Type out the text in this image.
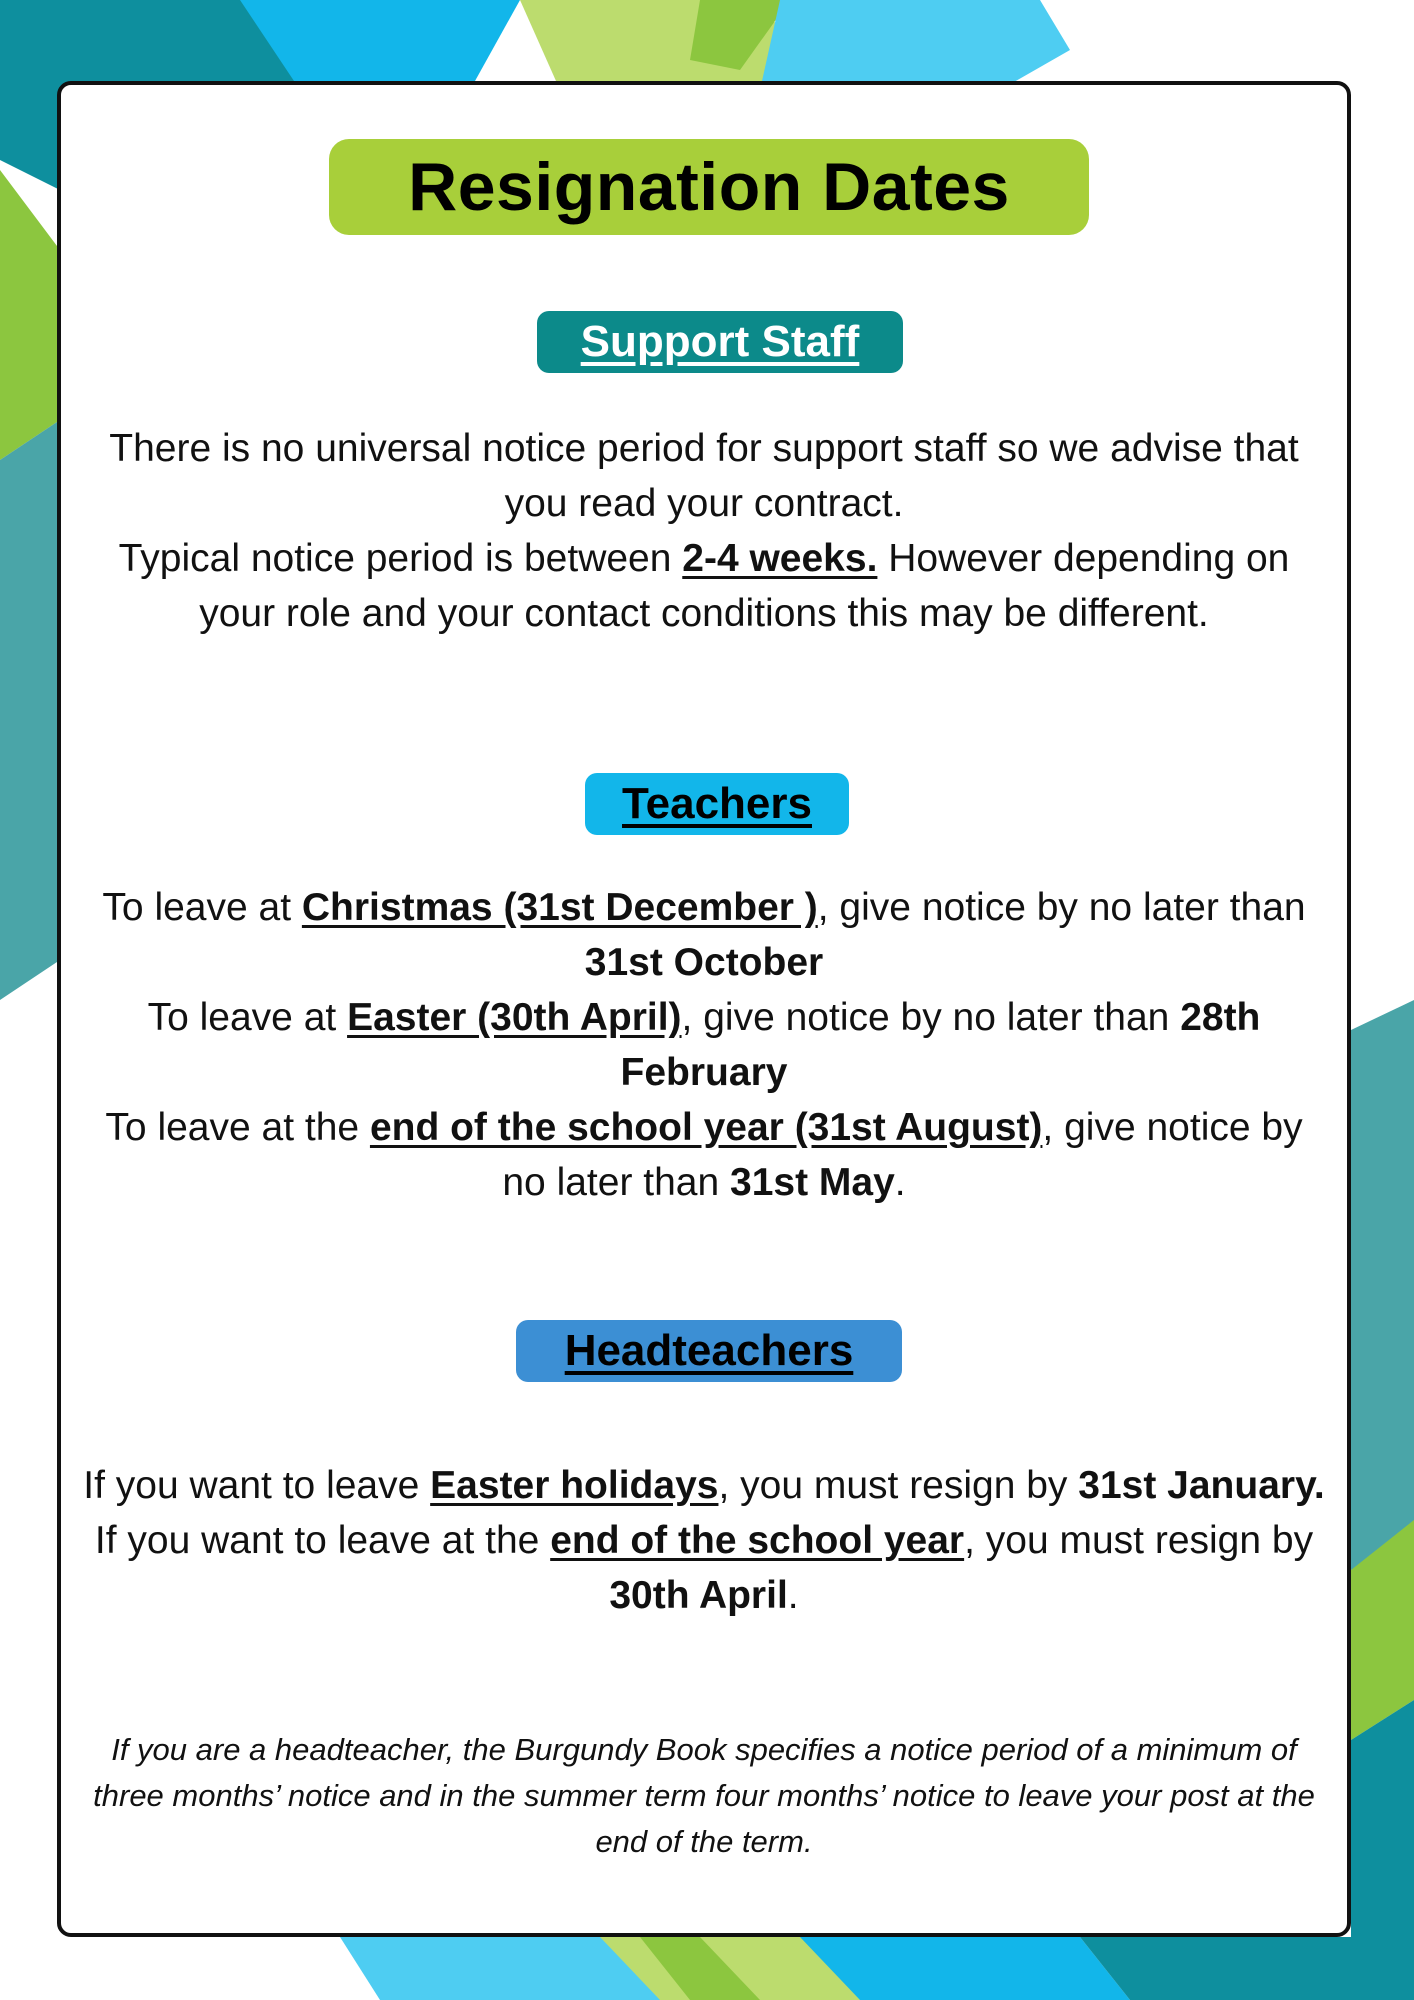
Resignation Dates
Support Staff

There is no universal notice period for support staff so we advise that you read your contract.

Typical notice period is between 2-4 weeks. However depending on your role and your contact conditions this may be different.

Teachers

To leave at Christmas (31st December ), give notice by no later than 31st October

To leave at Easter (30th April), give notice by no later than 28th February

To leave at the end of the school year (31st August), give notice by no later than 31st May.

Headteachers

If you want to leave Easter holidays, you must resign by 31st January.

If you want to leave at the end of the school year, you must resign by 30th April.

If you are a headteacher, the Burgundy Book specifies a notice period of a minimum of three months’ notice and in the summer term four months’ notice to leave your post at the end of the term.
